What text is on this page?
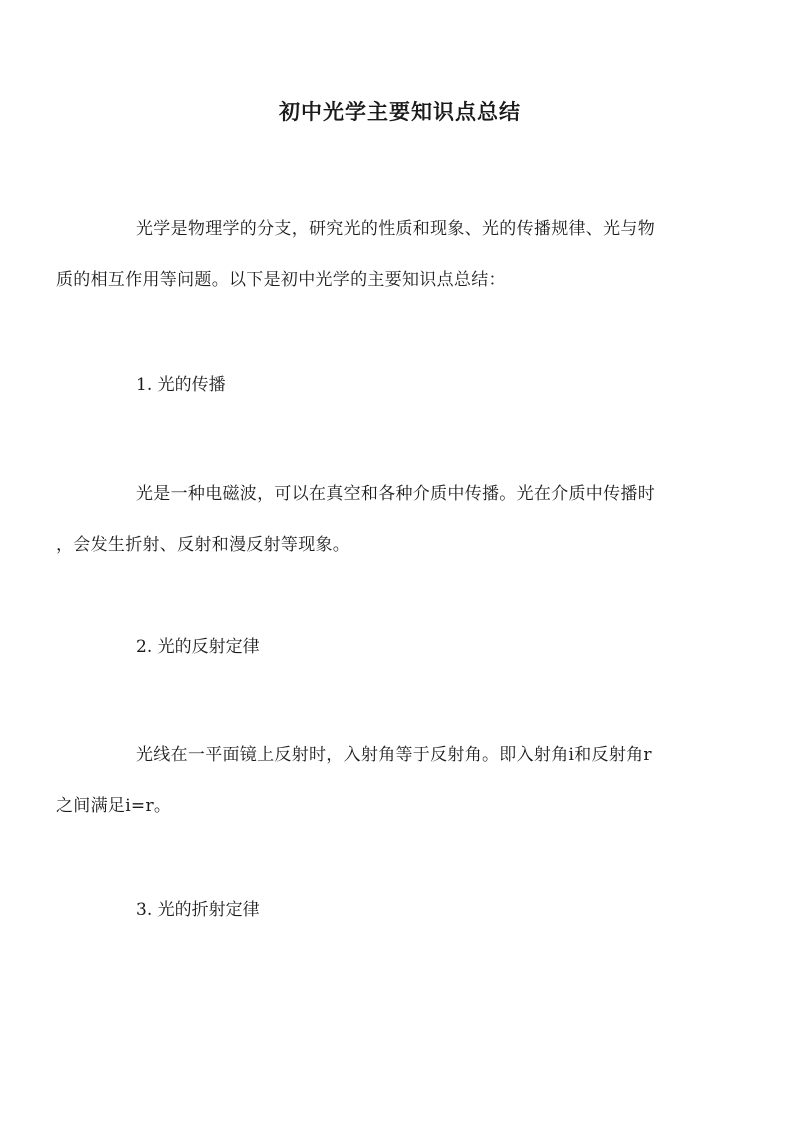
初中光学主要知识点总结
光学是物理学的分支，研究光的性质和现象、光的传播规律、光与物
质的相互作用等问题。以下是初中光学的主要知识点总结：
1. 光的传播
光是一种电磁波，可以在真空和各种介质中传播。光在介质中传播时
，会发生折射、反射和漫反射等现象。
2. 光的反射定律
光线在一平面镜上反射时，入射角等于反射角。即入射角i和反射角r
之间满足i=r。
3. 光的折射定律
